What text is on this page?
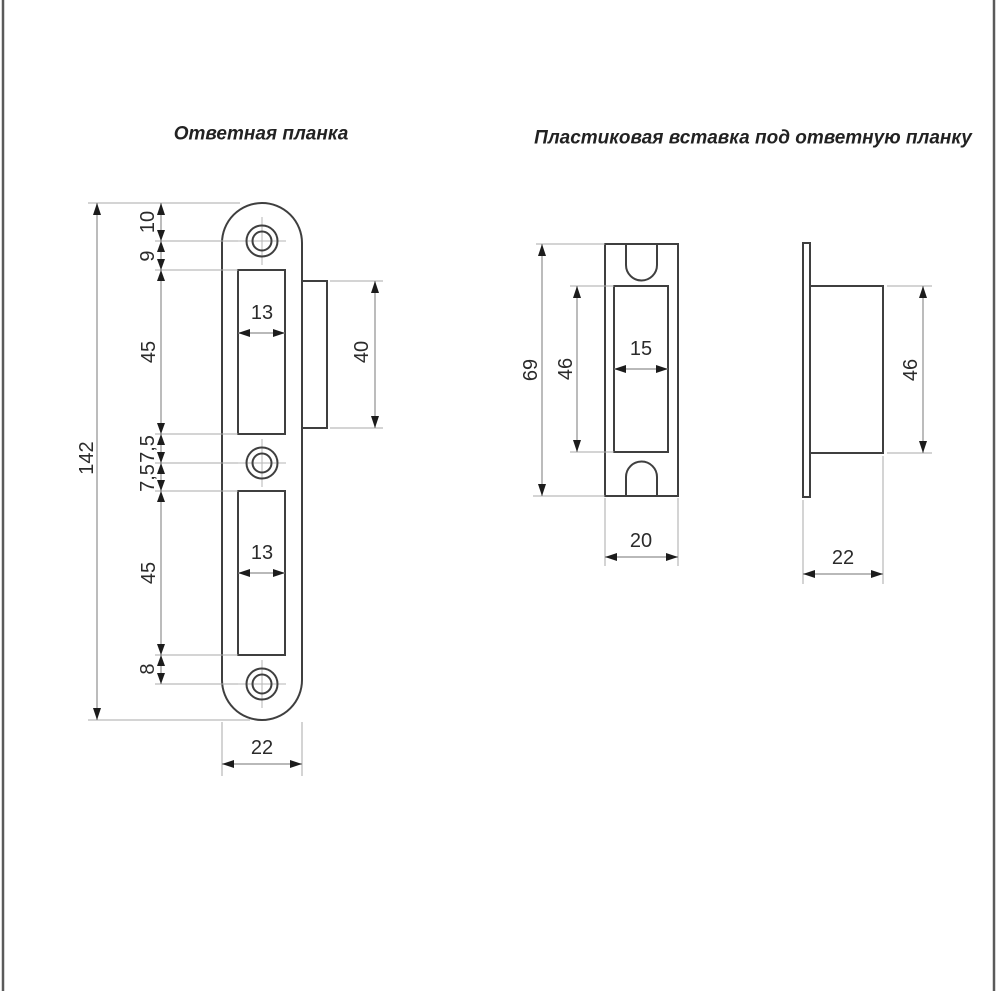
Ответная планка	Пластиковая вставка под ответную планку
142
10
9
45
7,5
7,5
45
8
13
13
40
22
69 46
15
20
46
22
